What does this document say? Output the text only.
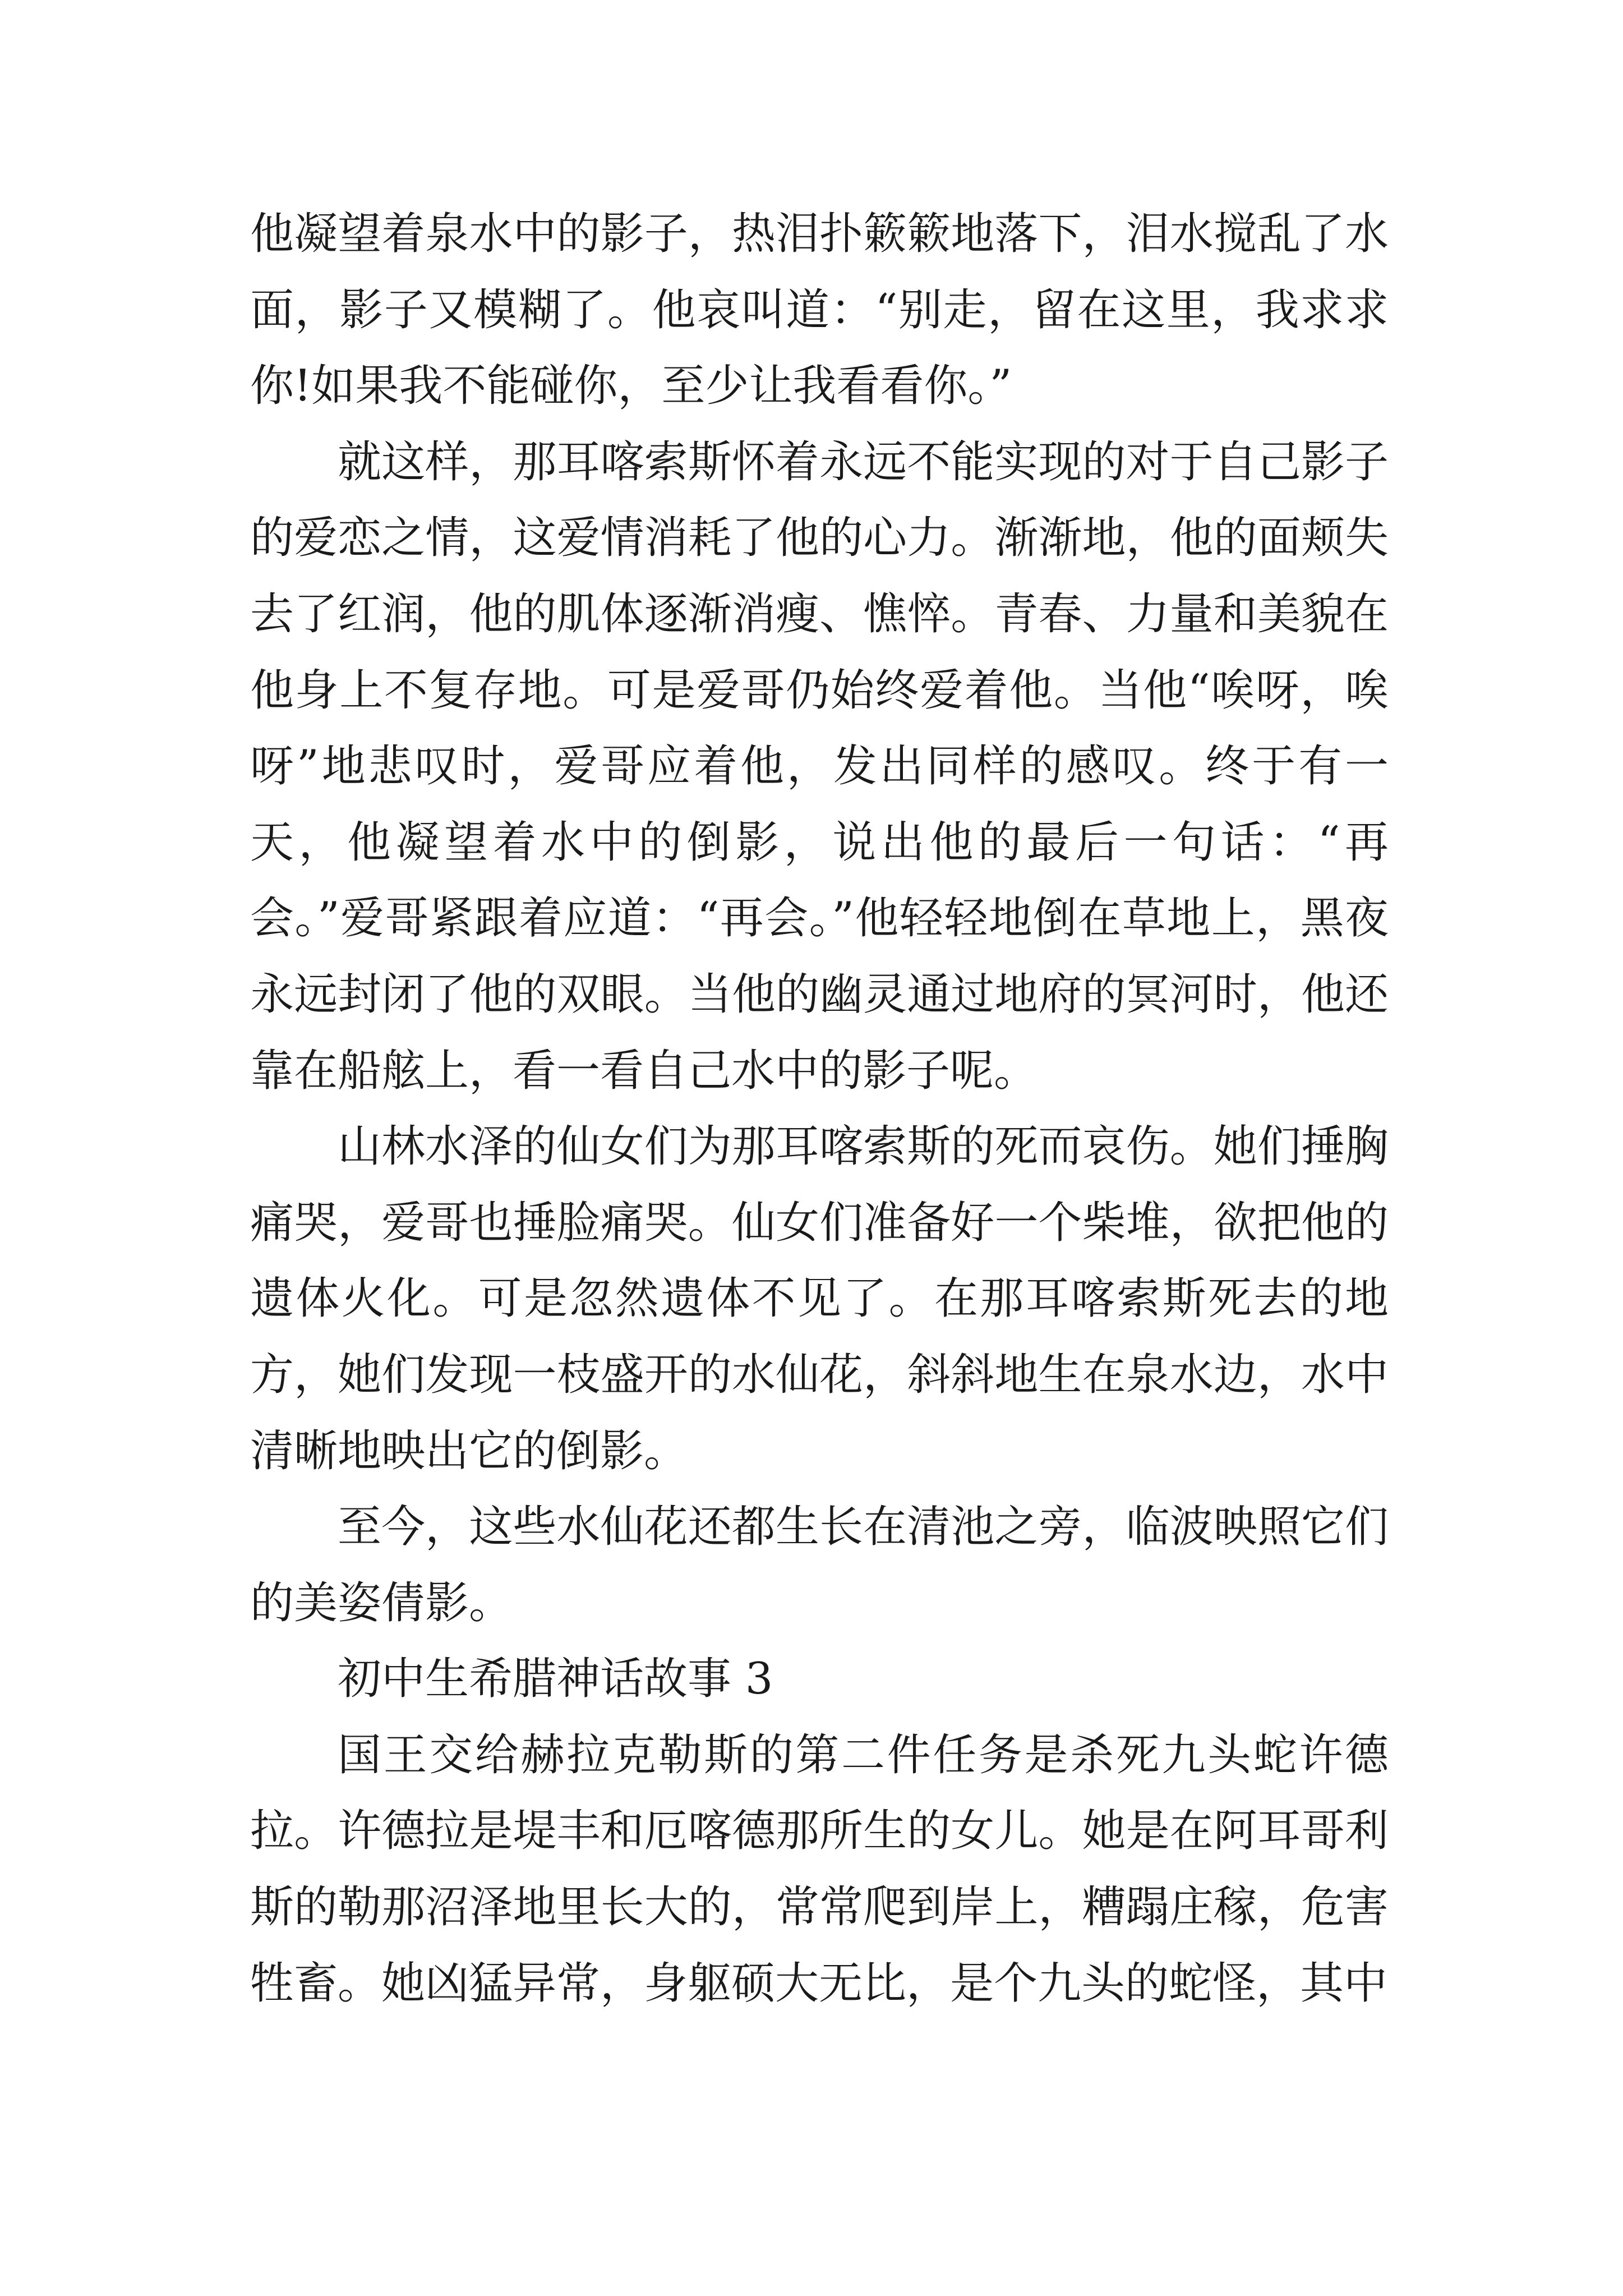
他凝望着泉水中的影子，热泪扑簌簌地落下，泪水搅乱了水面，影子又模糊了。他哀叫道：“别走，留在这里，我求求你!如果我不能碰你，至少让我看看你。”

就这样，那耳喀索斯怀着永远不能实现的对于自己影子的爱恋之情，这爱情消耗了他的心力。渐渐地，他的面颊失去了红润，他的肌体逐渐消瘦、憔悴。青春、力量和美貌在他身上不复存地。可是爱哥仍始终爱着他。当他“唉呀，唉呀”地悲叹时，爱哥应着他，发出同样的感叹。终于有一天，他凝望着水中的倒影，说出他的最后一句话：“再会。”爱哥紧跟着应道：“再会。”他轻轻地倒在草地上，黑夜永远封闭了他的双眼。当他的幽灵通过地府的冥河时，他还靠在船舷上，看一看自己水中的影子呢。

山林水泽的仙女们为那耳喀索斯的死而哀伤。她们捶胸痛哭，爱哥也捶脸痛哭。仙女们准备好一个柴堆，欲把他的遗体火化。可是忽然遗体不见了。在那耳喀索斯死去的地方，她们发现一枝盛开的水仙花，斜斜地生在泉水边，水中清晰地映出它的倒影。

至今，这些水仙花还都生长在清池之旁，临波映照它们的美姿倩影。

初中生希腊神话故事 3

国王交给赫拉克勒斯的第二件任务是杀死九头蛇许德拉。许德拉是堤丰和厄喀德那所生的女儿。她是在阿耳哥利斯的勒那沼泽地里长大的，常常爬到岸上，糟蹋庄稼，危害牲畜。她凶猛异常，身躯硕大无比，是个九头的蛇怪，其中
